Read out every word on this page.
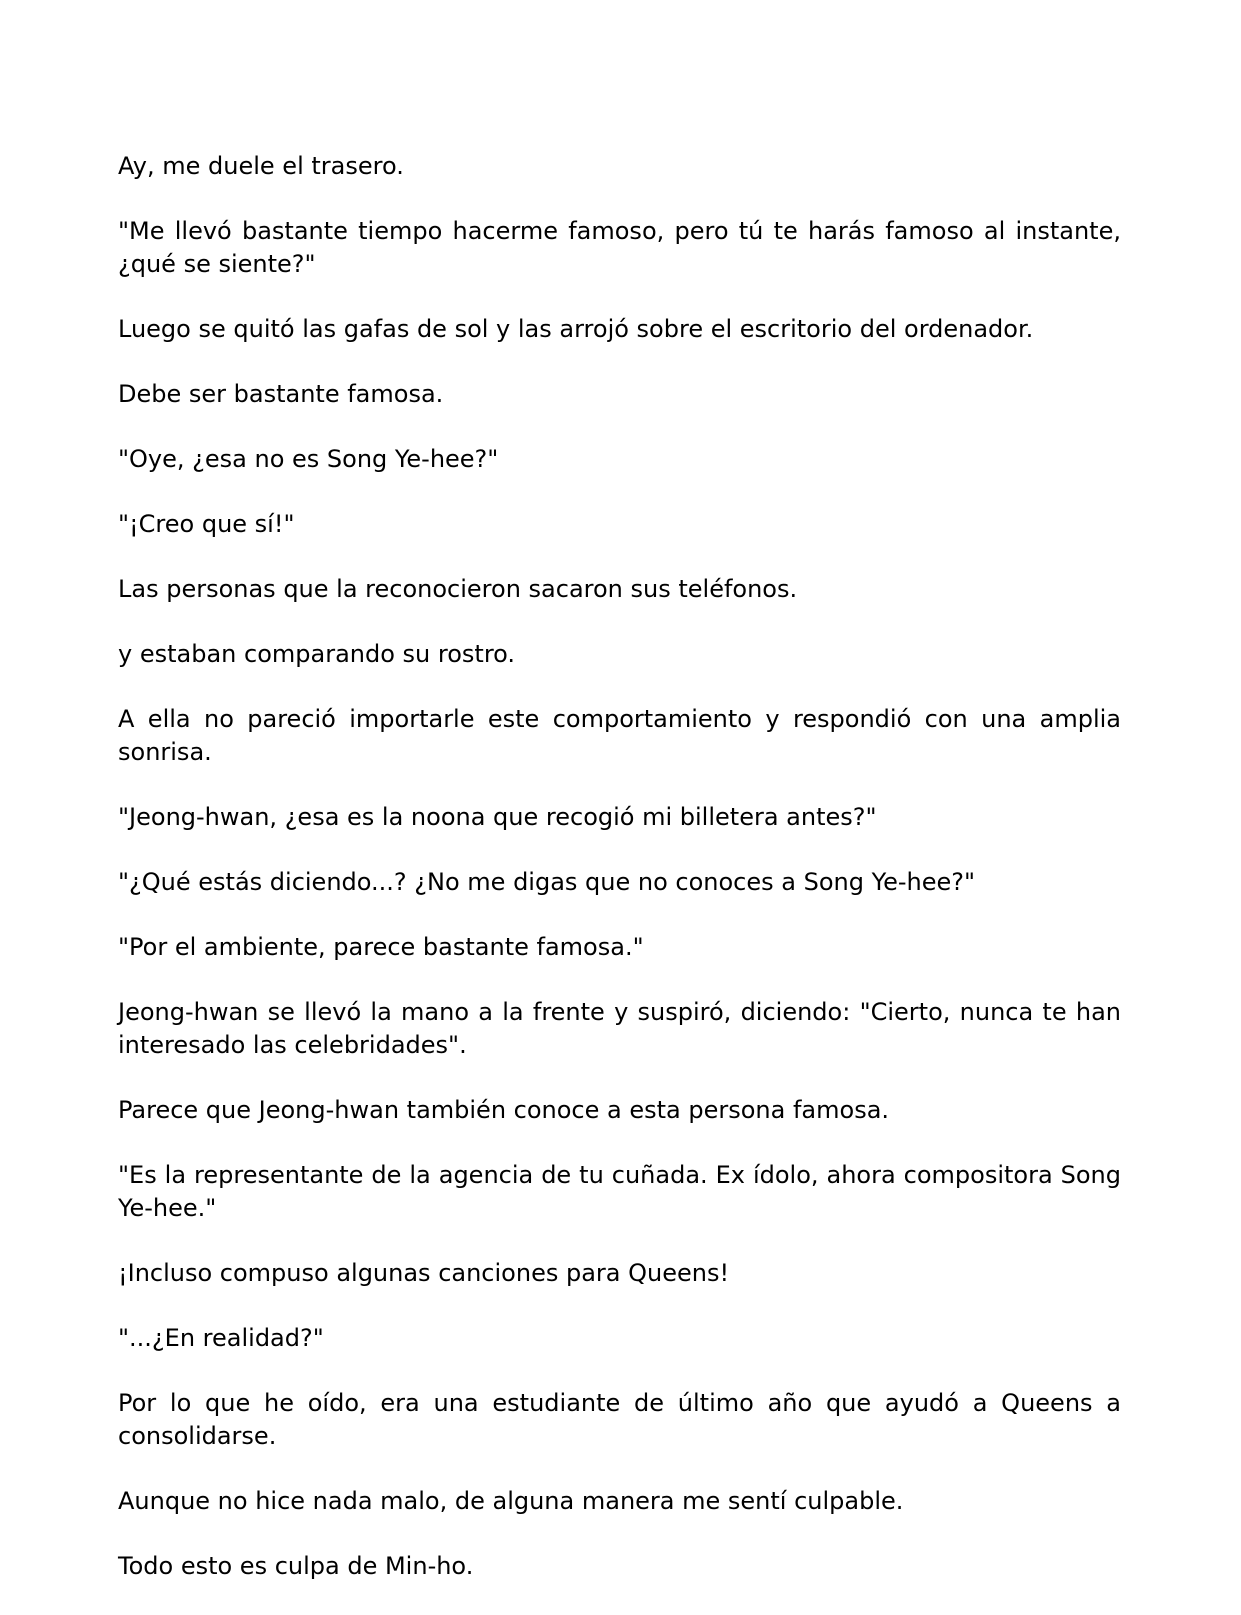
Ay, me duele el trasero.

"Me llevó bastante tiempo hacerme famoso, pero tú te harás famoso al instante, ¿qué se siente?"

Luego se quitó las gafas de sol y las arrojó sobre el escritorio del ordenador.

Debe ser bastante famosa.

"Oye, ¿esa no es Song Ye-hee?"

"¡Creo que sí!"

Las personas que la reconocieron sacaron sus teléfonos.

y estaban comparando su rostro.

A ella no pareció importarle este comportamiento y respondió con una amplia sonrisa.

"Jeong-hwan, ¿esa es la noona que recogió mi billetera antes?"

"¿Qué estás diciendo...? ¿No me digas que no conoces a Song Ye-hee?"

"Por el ambiente, parece bastante famosa."

Jeong-hwan se llevó la mano a la frente y suspiró, diciendo: "Cierto, nunca te han interesado las celebridades".

Parece que Jeong-hwan también conoce a esta persona famosa.

"Es la representante de la agencia de tu cuñada. Ex ídolo, ahora compositora Song Ye-hee."

¡Incluso compuso algunas canciones para Queens!

"...¿En realidad?"

Por lo que he oído, era una estudiante de último año que ayudó a Queens a consolidarse.

Aunque no hice nada malo, de alguna manera me sentí culpable.

Todo esto es culpa de Min-ho.
